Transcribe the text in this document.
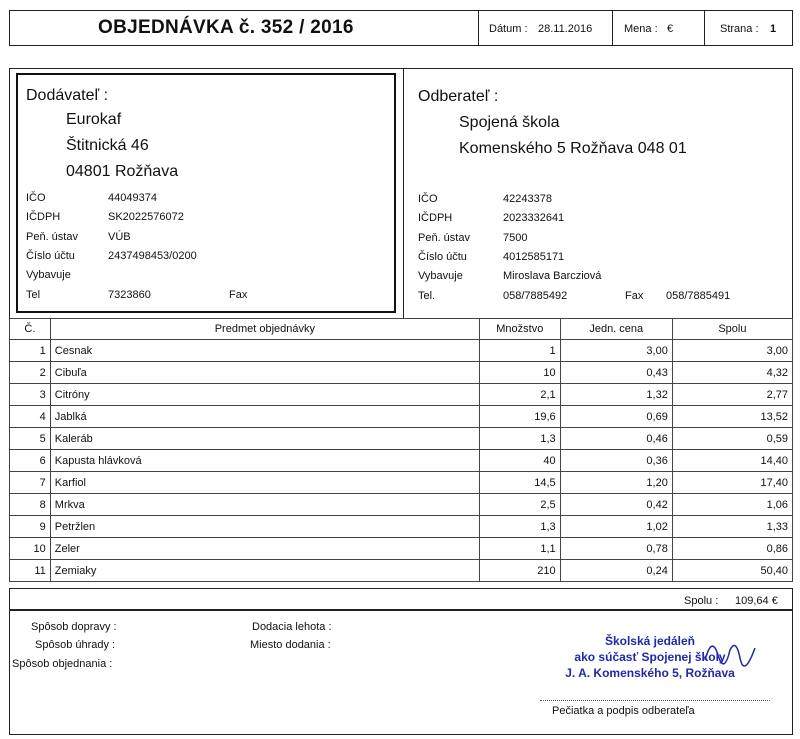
OBJEDNÁVKA č. 352 / 2016	Dátum : 28.11.2016	Mena : €	Strana : 1
Dodávateľ :
Eurokaf
Štitnická 46
04801 Rožňava
IČO	44049374
IČDPH	SK2022576072
Peň. ústav	VÚB
Číslo účtu	2437498453/0200
Vybavuje
Tel	7323860	Fax
Odberateľ :
Spojená škola
Komenského 5 Rožňava 048 01
IČO	42243378
IČDPH	2023332641
Peň. ústav	7500
Číslo účtu	4012585171
Vybavuje	Miroslava Barcziová
Tel.	058/7885492	Fax 058/7885491
Č.	Predmet objednávky	Množstvo	Jedn. cena	Spolu
1	Cesnak	1	3,00	3,00
2	Cibuľa	10	0,43	4,32
3	Citróny	2,1	1,32	2,77
4	Jablká	19,6	0,69	13,52
5	Kaleráb	1,3	0,46	0,59
6	Kapusta hlávková	40	0,36	14,40
7	Karfiol	14,5	1,20	17,40
8	Mrkva	2,5	0,42	1,06
9	Petržlen	1,3	1,02	1,33
10	Zeler	1,1	0,78	0,86
11	Zemiaky	210	0,24	50,40
Spolu : 109,64 €
Spôsob dopravy :
Spôsob úhrady :
Spôsob objednania :
Dodacia lehota :
Miesto dodania :	Školská jedáleň
ako súčasť Spojenej školy
J. A. Komenského 5, Rožňava
Pečiatka a podpis odberateľa
